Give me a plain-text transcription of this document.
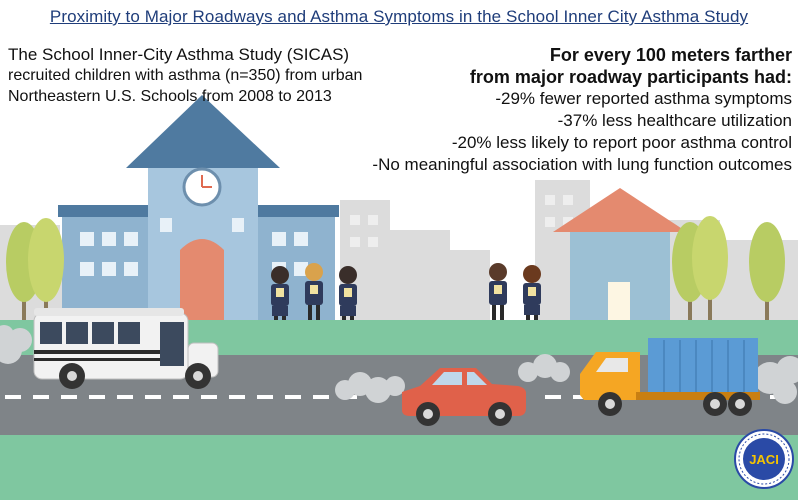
JACI
Proximity to Major Roadways and Asthma Symptoms in the School Inner City Asthma Study
The School Inner-City Asthma Study (SICAS)
recruited children with asthma (n=350) from urban
Northeastern U.S. Schools from 2008 to 2013
For every 100 meters farther
from major roadway participants had:
-29% fewer reported asthma symptoms
-37% less healthcare utilization
-20% less likely to report poor asthma control
-No meaningful association with lung function outcomes
